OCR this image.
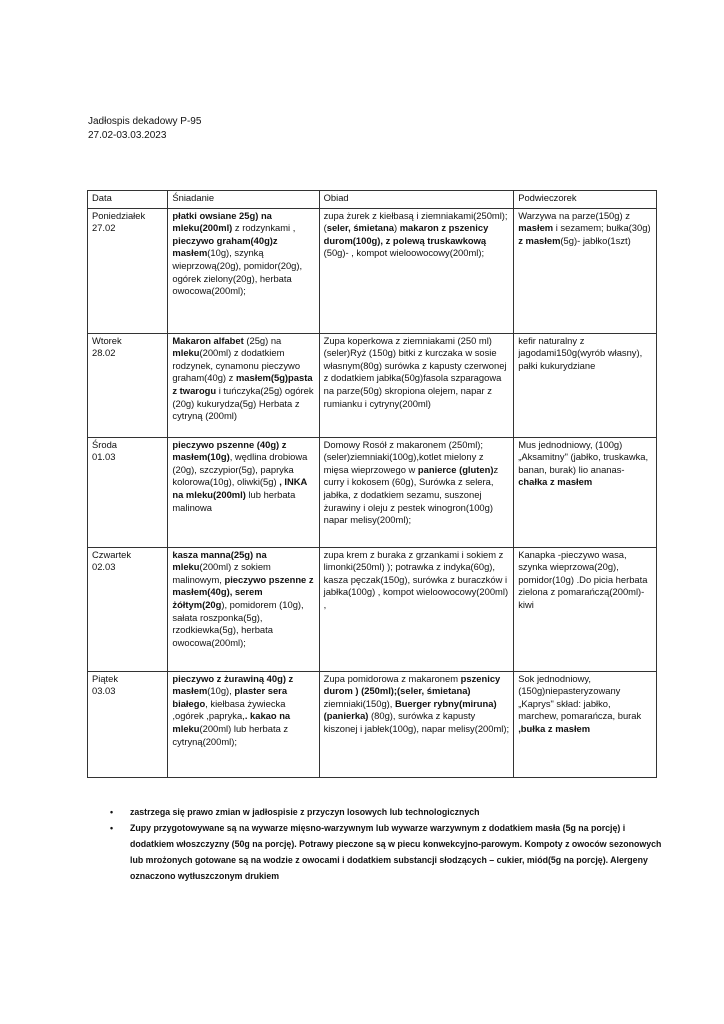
Jadłospis dekadowy P-95
27.02-03.03.2023
Data	Śniadanie	Obiad	Podwieczorek

Poniedziałek
27.02	płatki owsiane 25g) na mleku(200ml) z rodzynkami , pieczywo graham(40g)z masłem(10g), szynką wieprzową(20g), pomidor(20g), ogórek zielony(20g), herbata owocowa(200ml);	zupa żurek z kiełbasą i ziemniakami(250ml); (seler, śmietana) makaron z pszenicy durom(100g), z polewą truskawkową (50g)- , kompot wieloowocowy(200ml);	Warzywa na parze(150g) z masłem i sezamem; bułka(30g) z masłem(5g)- jabłko(1szt)

Wtorek
28.02	Makaron alfabet (25g) na mleku(200ml) z dodatkiem rodzynek, cynamonu pieczywo graham(40g) z masłem(5g)pasta z twarogu i tuńczyka(25g) ogórek (20g) kukurydza(5g) Herbata z cytryną (200ml)	Zupa koperkowa z ziemniakami (250 ml)(seler)Ryż (150g) bitki z kurczaka w sosie własnym(80g) surówka z kapusty czerwonej z dodatkiem jabłka(50g)fasola szparagowa na parze(50g) skropiona olejem, napar z rumianku i cytryny(200ml)	kefir naturalny z jagodami150g(wyrób własny), pałki kukurydziane

Środa
01.03	pieczywo pszenne (40g) z masłem(10g), wędlina drobiowa (20g), szczypior(5g), papryka kolorowa(10g), oliwki(5g) , INKA na mleku(200ml) lub herbata malinowa	Domowy Rosół z makaronem (250ml);(seler)ziemniaki(100g),kotlet mielony z mięsa wieprzowego w panierce (gluten)z curry i kokosem (60g), Surówka z selera, jabłka, z dodatkiem sezamu, suszonej żurawiny i oleju z pestek winogron(100g) napar melisy(200ml);	Mus jednodniowy, (100g)„Aksamitny" (jabłko, truskawka, banan, burak) lio ananas- chałka z masłem

Czwartek
02.03	kasza manna(25g) na mleku(200ml) z sokiem malinowym, pieczywo pszenne z masłem(40g), serem żółtym(20g), pomidorem (10g), sałata roszponka(5g), rzodkiewka(5g), herbata owocowa(200ml);	zupa krem z buraka z grzankami i sokiem z limonki(250ml) ); potrawka z indyka(60g), kasza pęczak(150g), surówka z buraczków i jabłka(100g) , kompot wieloowocowy(200ml) ,	Kanapka -pieczywo wasa, szynka wieprzowa(20g), pomidor(10g) .Do picia herbata zielona z pomarańczą(200ml)-kiwi

Piątek
03.03	pieczywo z żurawiną 40g) z masłem(10g), plaster sera białego, kiełbasa żywiecka ,ogórek ,papryka,. kakao na mleku(200ml) lub herbata z cytryną(200ml);	Zupa pomidorowa z makaronem pszenicy durom ) (250ml);(seler, śmietana) ziemniaki(150g), Buerger rybny(miruna)(panierka) (80g), surówka z kapusty kiszonej i jabłek(100g), napar melisy(200ml);	Sok jednodniowy, (150g)niepasteryzowany „Kaprys" skład: jabłko, marchew, pomarańcza, burak ,bułka z masłem
• zastrzega się prawo zmian w jadłospisie z przyczyn losowych lub technologicznych
• Zupy przygotowywane są na wywarze mięsno-warzywnym lub wywarze warzywnym z dodatkiem masła (5g na porcję) i dodatkiem włoszczyzny (50g na porcję). Potrawy pieczone są w piecu konwekcyjno-parowym. Kompoty z owoców sezonowych lub mrożonych gotowane są na wodzie z owocami i dodatkiem substancji słodzących – cukier, miód(5g na porcję). Alergeny oznaczono wytłuszczonym drukiem
